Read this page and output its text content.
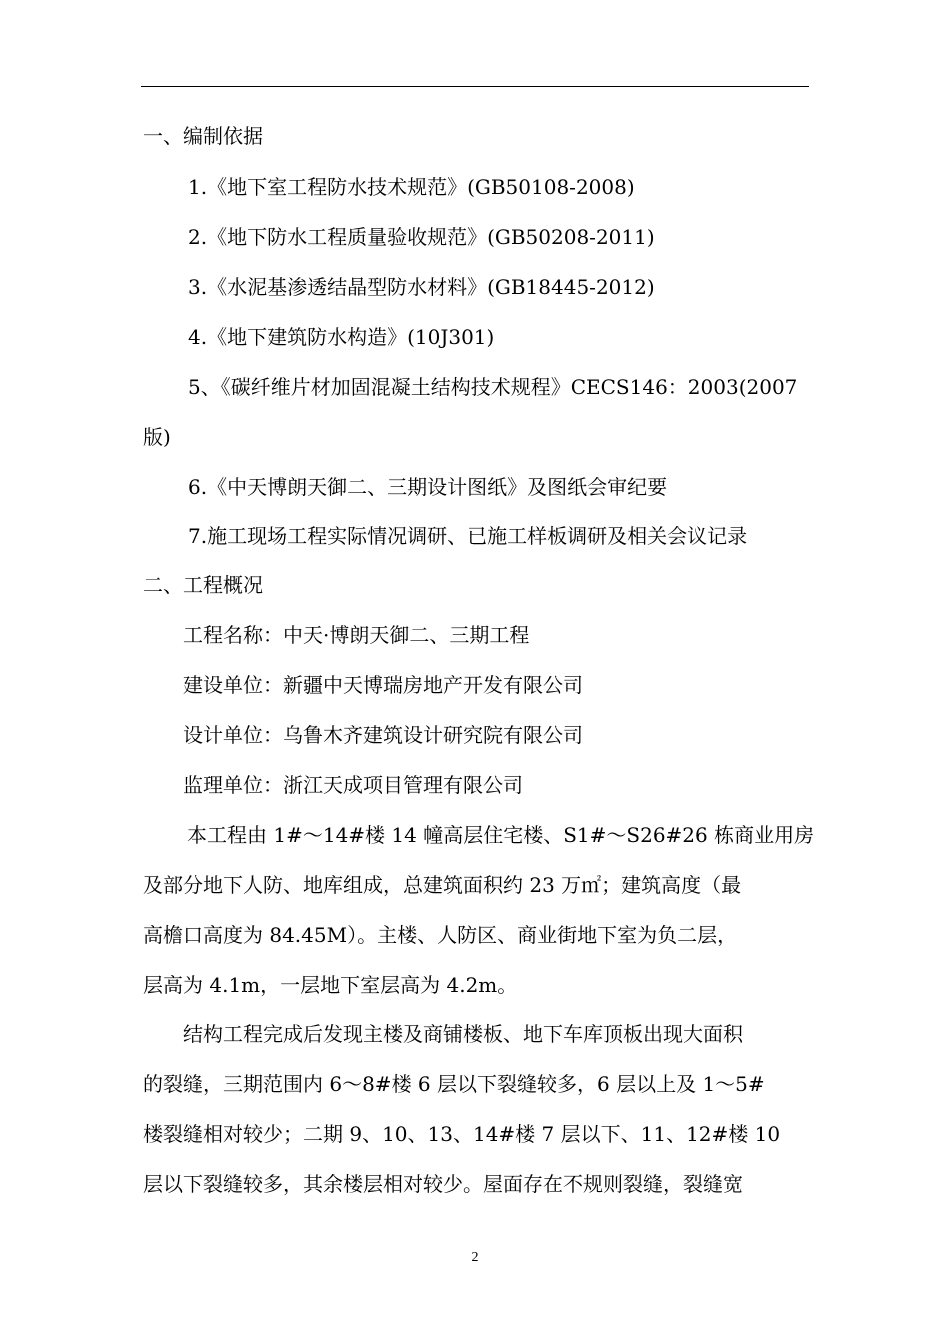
一、编制依据
1.《地下室工程防水技术规范》(GB50108-2008)
2.《地下防水工程质量验收规范》(GB50208-2011)
3.《水泥基渗透结晶型防水材料》(GB18445-2012)
4.《地下建筑防水构造》(10J301)
5、《碳纤维片材加固混凝土结构技术规程》CECS146：2003(2007
版)
6.《中天博朗天御二、三期设计图纸》及图纸会审纪要
7.施工现场工程实际情况调研、已施工样板调研及相关会议记录
二、工程概况
工程名称：中天·博朗天御二、三期工程
建设单位：新疆中天博瑞房地产开发有限公司
设计单位：乌鲁木齐建筑设计研究院有限公司
监理单位：浙江天成项目管理有限公司
本工程由 1#～14#楼 14 幢高层住宅楼、S1#～S26#26 栋商业用房
及部分地下人防、地库组成，总建筑面积约 23 万㎡；建筑高度（最
高檐口高度为 84.45M）。主楼、人防区、商业街地下室为负二层，
层高为 4.1m，一层地下室层高为 4.2m。
结构工程完成后发现主楼及商铺楼板、地下车库顶板出现大面积
的裂缝，三期范围内 6～8#楼 6 层以下裂缝较多，6 层以上及 1～5#
楼裂缝相对较少；二期 9、10、13、14#楼 7 层以下、11、12#楼 10
层以下裂缝较多，其余楼层相对较少。屋面存在不规则裂缝，裂缝宽
2
